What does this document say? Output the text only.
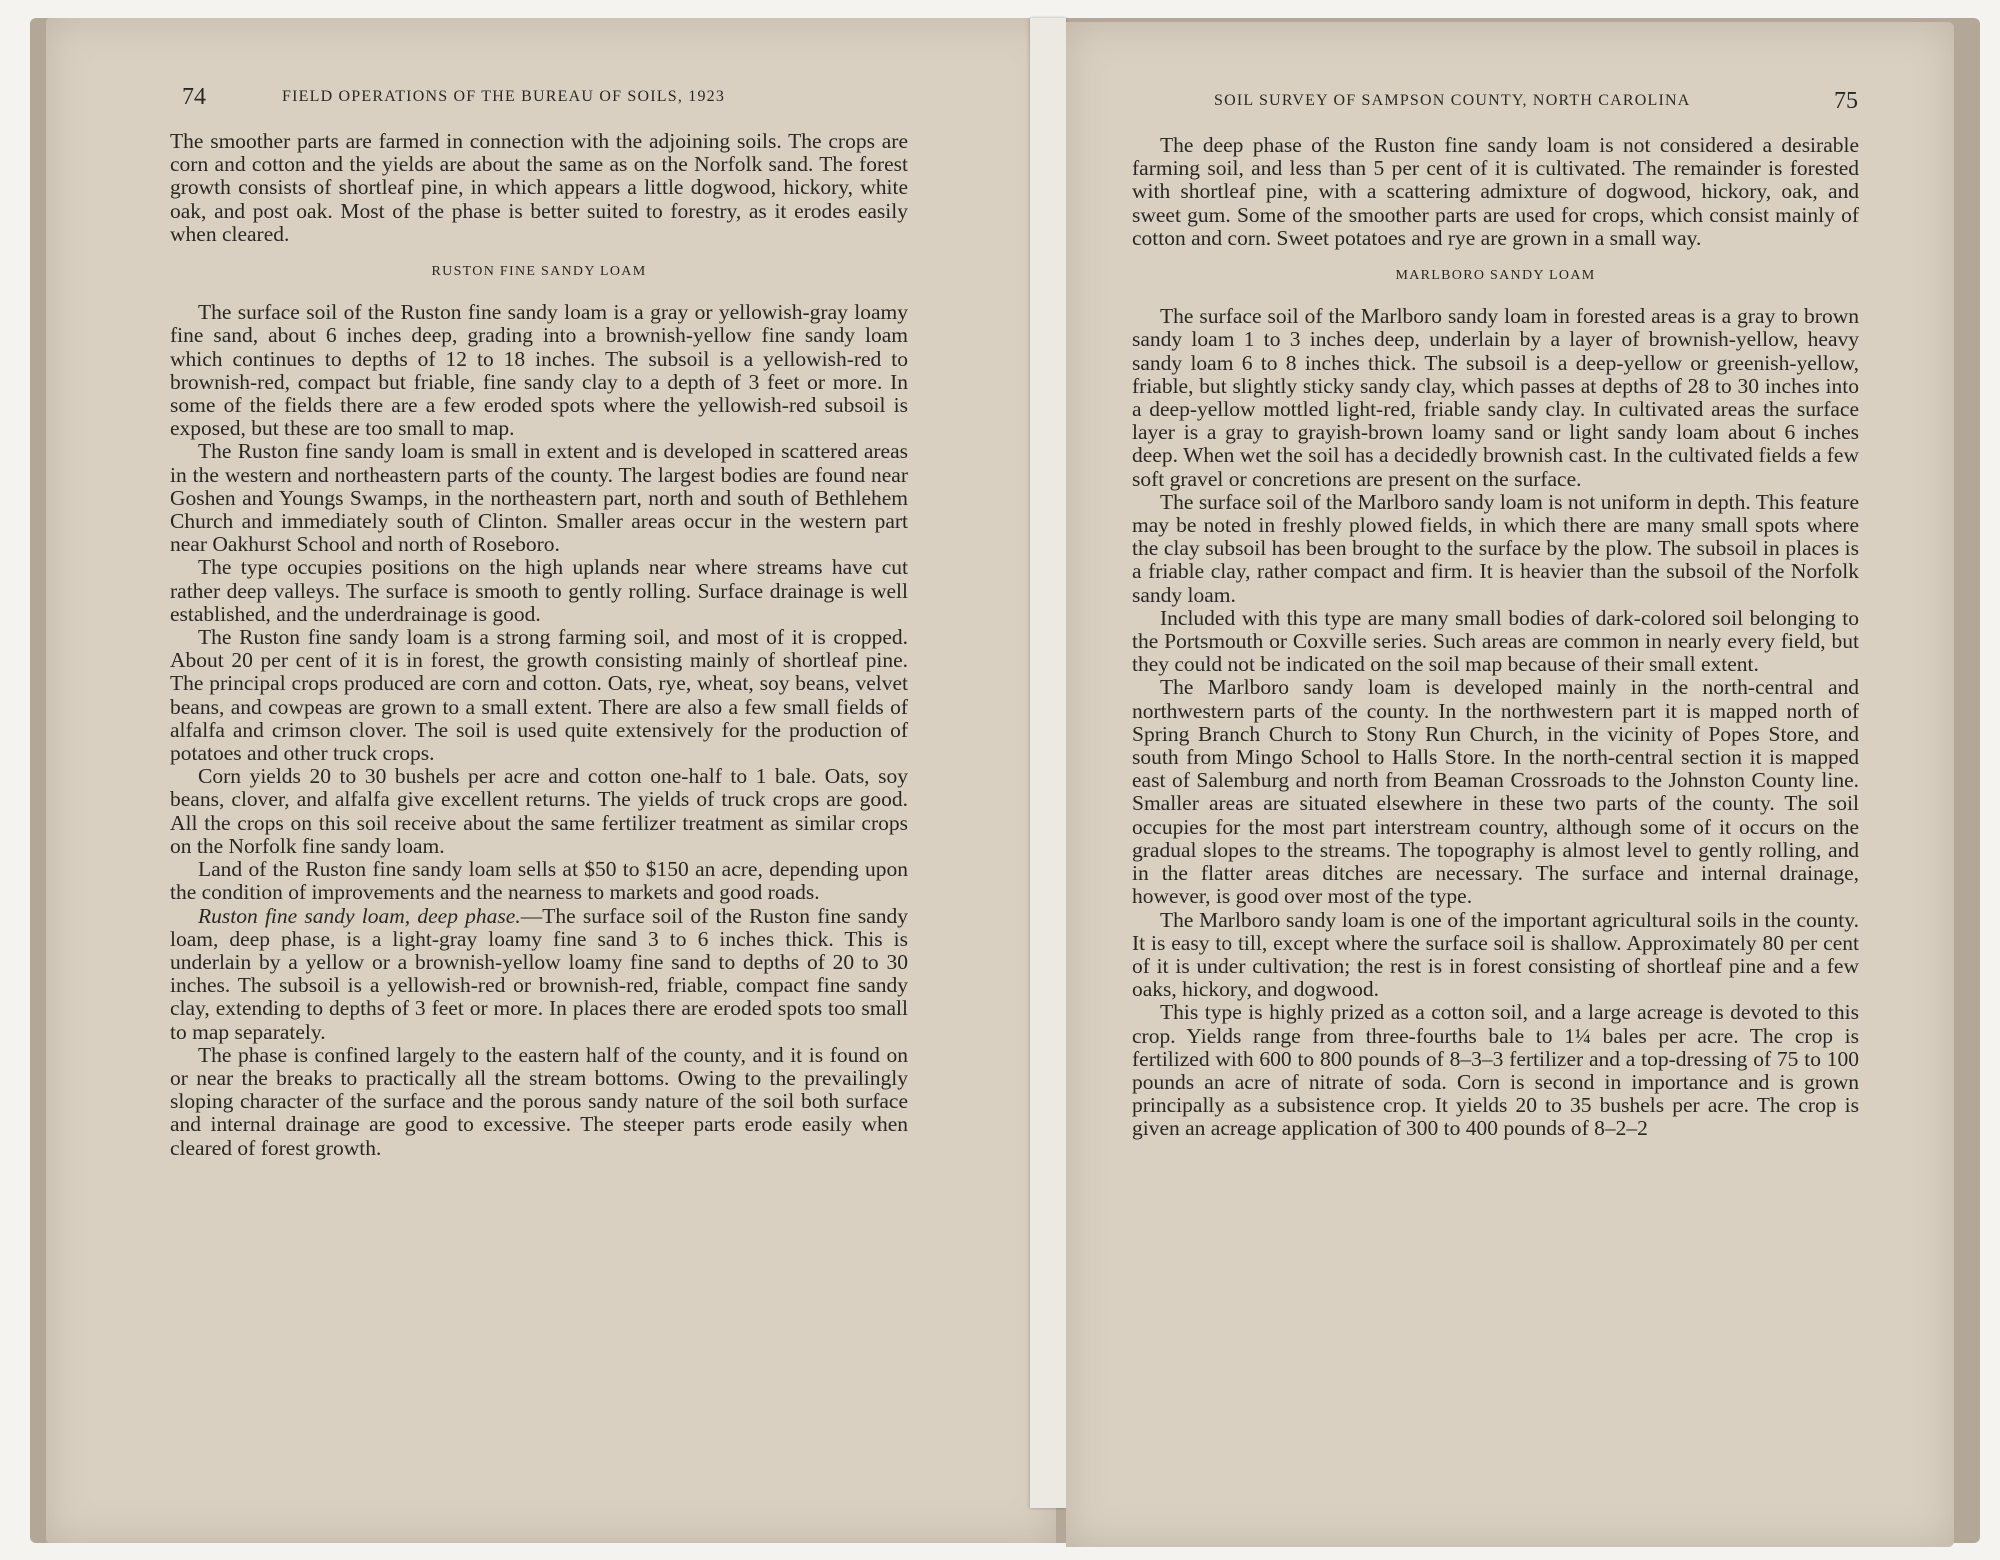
74	FIELD OPERATIONS OF THE BUREAU OF SOILS, 1923

The smoother parts are farmed in connection with the adjoining soils. The crops are corn and cotton and the yields are about the same as on the Norfolk sand. The forest growth consists of shortleaf pine, in which appears a little dogwood, hickory, white oak, and post oak. Most of the phase is better suited to forestry, as it erodes easily when cleared.

RUSTON FINE SANDY LOAM

The surface soil of the Ruston fine sandy loam is a gray or yellowish-gray loamy fine sand, about 6 inches deep, grading into a brownish-yellow fine sandy loam which continues to depths of 12 to 18 inches. The subsoil is a yellowish-red to brownish-red, compact but friable, fine sandy clay to a depth of 3 feet or more. In some of the fields there are a few eroded spots where the yellowish-red subsoil is exposed, but these are too small to map.

The Ruston fine sandy loam is small in extent and is developed in scattered areas in the western and northeastern parts of the county. The largest bodies are found near Goshen and Youngs Swamps, in the northeastern part, north and south of Bethlehem Church and immediately south of Clinton. Smaller areas occur in the western part near Oakhurst School and north of Roseboro.

The type occupies positions on the high uplands near where streams have cut rather deep valleys. The surface is smooth to gently rolling. Surface drainage is well established, and the underdrainage is good.

The Ruston fine sandy loam is a strong farming soil, and most of it is cropped. About 20 per cent of it is in forest, the growth consisting mainly of shortleaf pine. The principal crops produced are corn and cotton. Oats, rye, wheat, soy beans, velvet beans, and cowpeas are grown to a small extent. There are also a few small fields of alfalfa and crimson clover. The soil is used quite extensively for the production of potatoes and other truck crops.

Corn yields 20 to 30 bushels per acre and cotton one-half to 1 bale. Oats, soy beans, clover, and alfalfa give excellent returns. The yields of truck crops are good. All the crops on this soil receive about the same fertilizer treatment as similar crops on the Norfolk fine sandy loam.

Land of the Ruston fine sandy loam sells at $50 to $150 an acre, depending upon the condition of improvements and the nearness to markets and good roads.

Ruston fine sandy loam, deep phase.—The surface soil of the Ruston fine sandy loam, deep phase, is a light-gray loamy fine sand 3 to 6 inches thick. This is underlain by a yellow or a brownish-yellow loamy fine sand to depths of 20 to 30 inches. The subsoil is a yellowish-red or brownish-red, friable, compact fine sandy clay, extending to depths of 3 feet or more. In places there are eroded spots too small to map separately.

The phase is confined largely to the eastern half of the county, and it is found on or near the breaks to practically all the stream bottoms. Owing to the prevailingly sloping character of the surface and the porous sandy nature of the soil both surface and internal drainage are good to excessive. The steeper parts erode easily when cleared of forest growth.

SOIL SURVEY OF SAMPSON COUNTY, NORTH CAROLINA	75

The deep phase of the Ruston fine sandy loam is not considered a desirable farming soil, and less than 5 per cent of it is cultivated. The remainder is forested with shortleaf pine, with a scattering admixture of dogwood, hickory, oak, and sweet gum. Some of the smoother parts are used for crops, which consist mainly of cotton and corn. Sweet potatoes and rye are grown in a small way.

MARLBORO SANDY LOAM

The surface soil of the Marlboro sandy loam in forested areas is a gray to brown sandy loam 1 to 3 inches deep, underlain by a layer of brownish-yellow, heavy sandy loam 6 to 8 inches thick. The subsoil is a deep-yellow or greenish-yellow, friable, but slightly sticky sandy clay, which passes at depths of 28 to 30 inches into a deep-yellow mottled light-red, friable sandy clay. In cultivated areas the surface layer is a gray to grayish-brown loamy sand or light sandy loam about 6 inches deep. When wet the soil has a decidedly brownish cast. In the cultivated fields a few soft gravel or concretions are present on the surface.

The surface soil of the Marlboro sandy loam is not uniform in depth. This feature may be noted in freshly plowed fields, in which there are many small spots where the clay subsoil has been brought to the surface by the plow. The subsoil in places is a friable clay, rather compact and firm. It is heavier than the subsoil of the Norfolk sandy loam.

Included with this type are many small bodies of dark-colored soil belonging to the Portsmouth or Coxville series. Such areas are common in nearly every field, but they could not be indicated on the soil map because of their small extent.

The Marlboro sandy loam is developed mainly in the north-central and northwestern parts of the county. In the northwestern part it is mapped north of Spring Branch Church to Stony Run Church, in the vicinity of Popes Store, and south from Mingo School to Halls Store. In the north-central section it is mapped east of Salemburg and north from Beaman Crossroads to the Johnston County line. Smaller areas are situated elsewhere in these two parts of the county. The soil occupies for the most part interstream country, although some of it occurs on the gradual slopes to the streams. The topography is almost level to gently rolling, and in the flatter areas ditches are necessary. The surface and internal drainage, however, is good over most of the type.

The Marlboro sandy loam is one of the important agricultural soils in the county. It is easy to till, except where the surface soil is shallow. Approximately 80 per cent of it is under cultivation; the rest is in forest consisting of shortleaf pine and a few oaks, hickory, and dogwood.

This type is highly prized as a cotton soil, and a large acreage is devoted to this crop. Yields range from three-fourths bale to 1¼ bales per acre. The crop is fertilized with 600 to 800 pounds of 8–3–3 fertilizer and a top-dressing of 75 to 100 pounds an acre of nitrate of soda. Corn is second in importance and is grown principally as a subsistence crop. It yields 20 to 35 bushels per acre. The crop is given an acreage application of 300 to 400 pounds of 8–2–2
